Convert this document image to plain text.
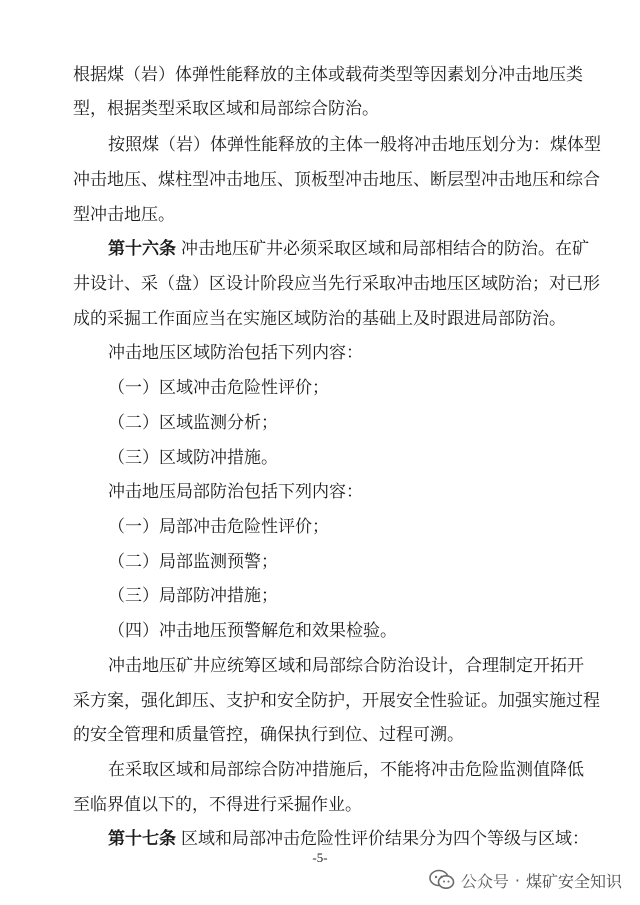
根据煤（岩）体弹性能释放的主体或载荷类型等因素划分冲击地压类
型，根据类型采取区域和局部综合防治。
按照煤（岩）体弹性能释放的主体一般将冲击地压划分为：煤体型
冲击地压、煤柱型冲击地压、顶板型冲击地压、断层型冲击地压和综合
型冲击地压。
第十六条 冲击地压矿井必须采取区域和局部相结合的防治。在矿
井设计、采（盘）区设计阶段应当先行采取冲击地压区域防治；对已形
成的采掘工作面应当在实施区域防治的基础上及时跟进局部防治。
冲击地压区域防治包括下列内容：
（一）区域冲击危险性评价；
（二）区域监测分析；
（三）区域防冲措施。
冲击地压局部防治包括下列内容：
（一）局部冲击危险性评价；
（二）局部监测预警；
（三）局部防冲措施；
（四）冲击地压预警解危和效果检验。
冲击地压矿井应统筹区域和局部综合防治设计，合理制定开拓开
采方案，强化卸压、支护和安全防护，开展安全性验证。加强实施过程
的安全管理和质量管控，确保执行到位、过程可溯。
在采取区域和局部综合防冲措施后，不能将冲击危险监测值降低
至临界值以下的，不得进行采掘作业。
第十七条 区域和局部冲击危险性评价结果分为四个等级与区域：
-5-
公众号 · 煤矿安全知识
